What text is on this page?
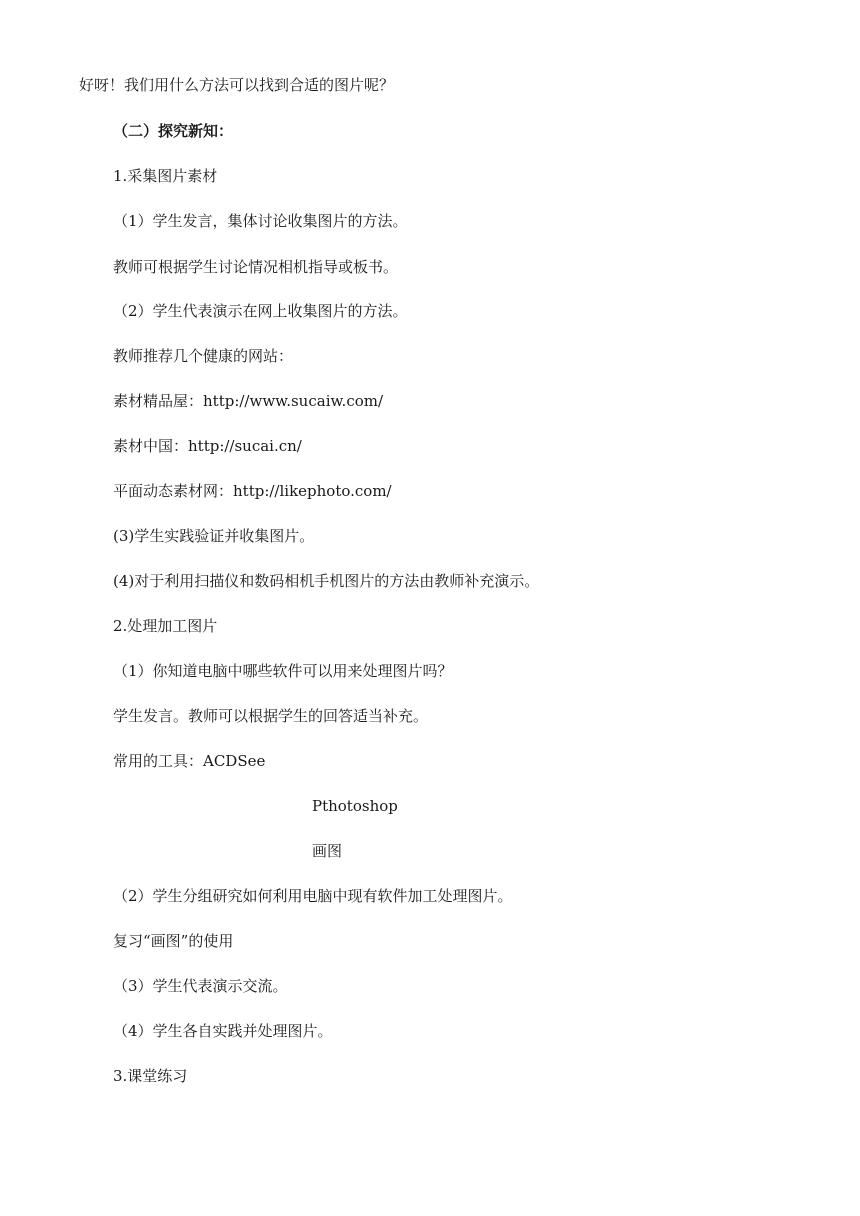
好呀！我们用什么方法可以找到合适的图片呢？
（二）探究新知：
1.采集图片素材
（1）学生发言，集体讨论收集图片的方法。
教师可根据学生讨论情况相机指导或板书。
（2）学生代表演示在网上收集图片的方法。
教师推荐几个健康的网站：
素材精品屋：http://www.sucaiw.com/
素材中国：http://sucai.cn/
平面动态素材网：http://likephoto.com/
(3)学生实践验证并收集图片。
(4)对于利用扫描仪和数码相机手机图片的方法由教师补充演示。
2.处理加工图片
（1）你知道电脑中哪些软件可以用来处理图片吗？
学生发言。教师可以根据学生的回答适当补充。
常用的工具：ACDSee
Pthotoshop
画图
（2）学生分组研究如何利用电脑中现有软件加工处理图片。
复习“画图”的使用
（3）学生代表演示交流。
（4）学生各自实践并处理图片。
3.课堂练习
